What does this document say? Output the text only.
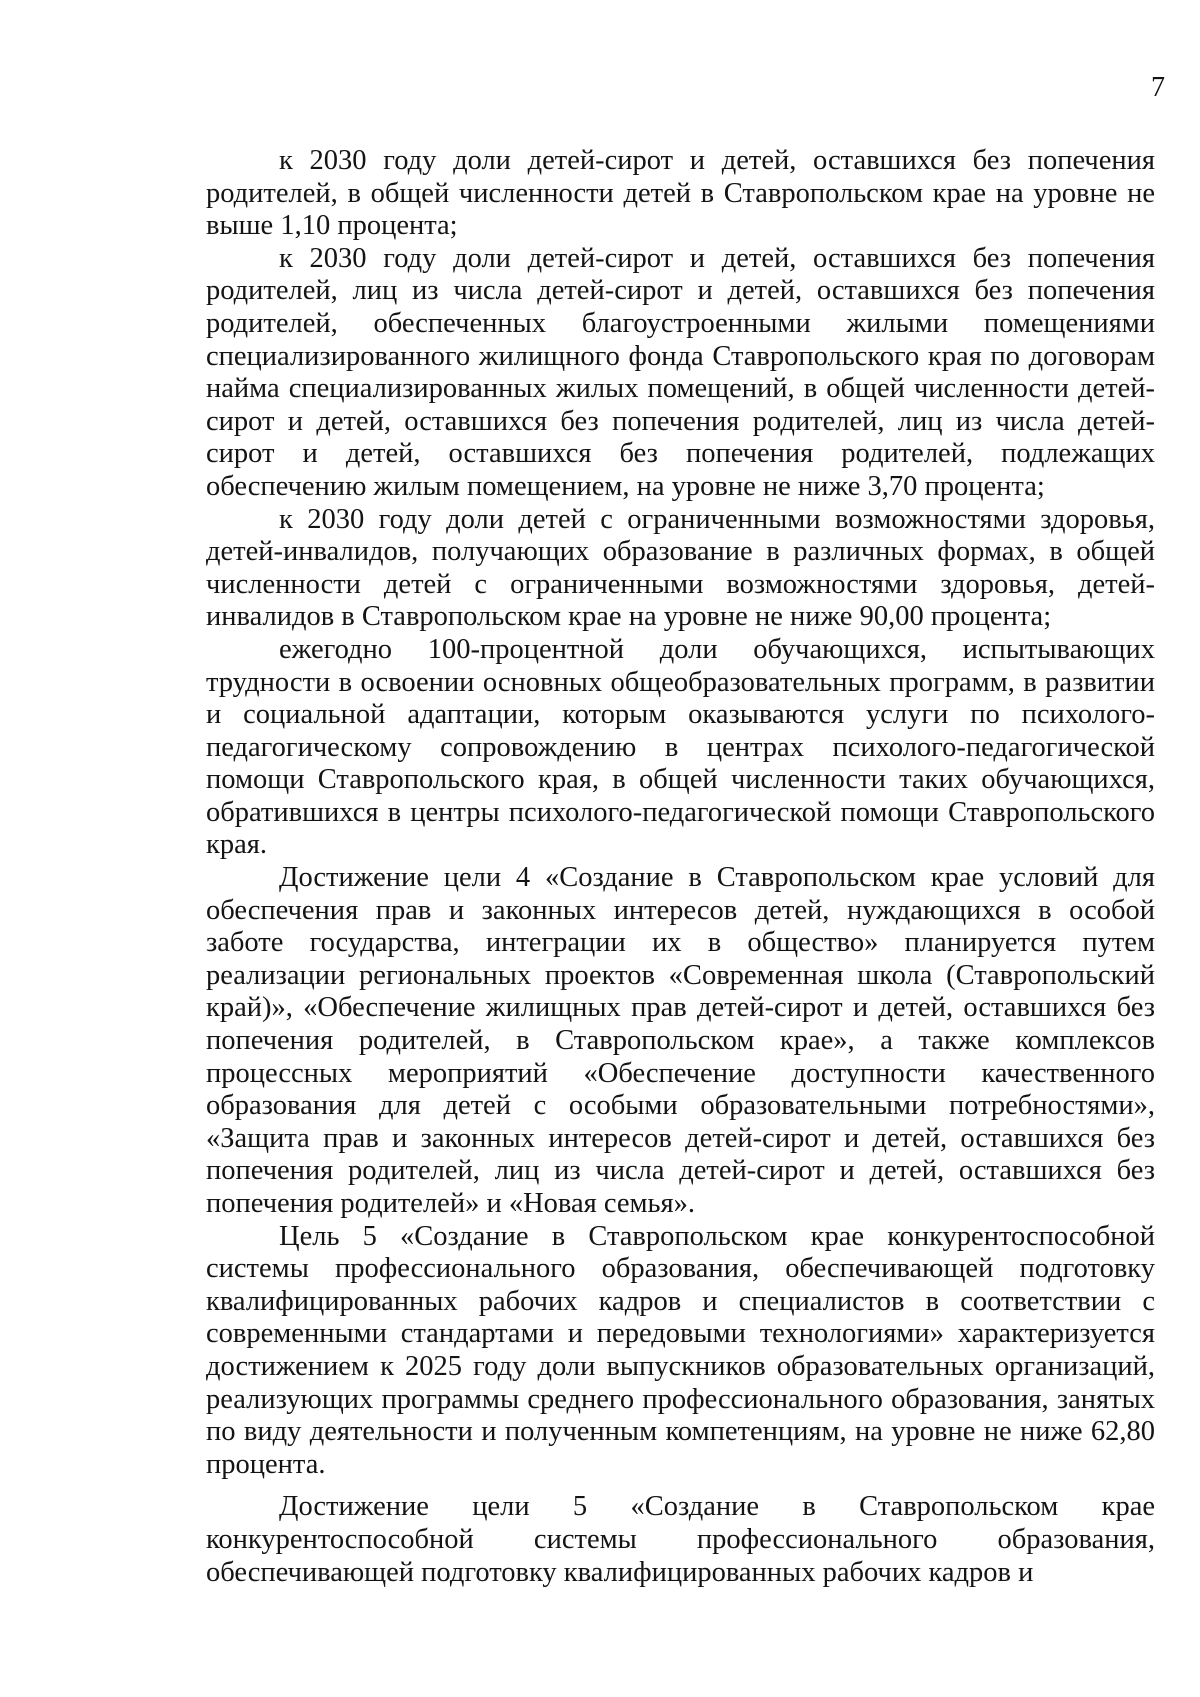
7

к 2030 году доли детей-сирот и детей, оставшихся без попечения родителей, в общей численности детей в Ставропольском крае на уровне не выше 1,10 процента;

к 2030 году доли детей-сирот и детей, оставшихся без попечения родителей, лиц из числа детей-сирот и детей, оставшихся без попечения родителей, обеспеченных благоустроенными жилыми помещениями специализированного жилищного фонда Ставропольского края по договорам найма специализированных жилых помещений, в общей численности детей-сирот и детей, оставшихся без попечения родителей, лиц из числа детей-сирот и детей, оставшихся без попечения родителей, подлежащих обеспечению жилым помещением, на уровне не ниже 3,70 процента;

к 2030 году доли детей с ограниченными возможностями здоровья, детей-инвалидов, получающих образование в различных формах, в общей численности детей с ограниченными возможностями здоровья, детей-инвалидов в Ставропольском крае на уровне не ниже 90,00 процента;

ежегодно 100-процентной доли обучающихся, испытывающих трудности в освоении основных общеобразовательных программ, в развитии и социальной адаптации, которым оказываются услуги по психолого-педагогическому сопровождению в центрах психолого-педагогической помощи Ставропольского края, в общей численности таких обучающихся, обратившихся в центры психолого-педагогической помощи Ставропольского края.

Достижение цели 4 «Создание в Ставропольском крае условий для обеспечения прав и законных интересов детей, нуждающихся в особой заботе государства, интеграции их в общество» планируется путем реализации региональных проектов «Современная школа (Ставропольский край)», «Обеспечение жилищных прав детей-сирот и детей, оставшихся без попечения родителей, в Ставропольском крае», а также комплексов процессных мероприятий «Обеспечение доступности качественного образования для детей с особыми образовательными потребностями», «Защита прав и законных интересов детей-сирот и детей, оставшихся без попечения родителей, лиц из числа детей-сирот и детей, оставшихся без попечения родителей» и «Новая семья».

Цель 5 «Создание в Ставропольском крае конкурентоспособной системы профессионального образования, обеспечивающей подготовку квалифицированных рабочих кадров и специалистов в соответствии с современными стандартами и передовыми технологиями» характеризуется достижением к 2025 году доли выпускников образовательных организаций, реализующих программы среднего профессионального образования, занятых по виду деятельности и полученным компетенциям, на уровне не ниже 62,80 процента.

Достижение цели 5 «Создание в Ставропольском крае конкурентоспособной системы профессионального образования, обеспечивающей подготовку квалифицированных рабочих кадров и
